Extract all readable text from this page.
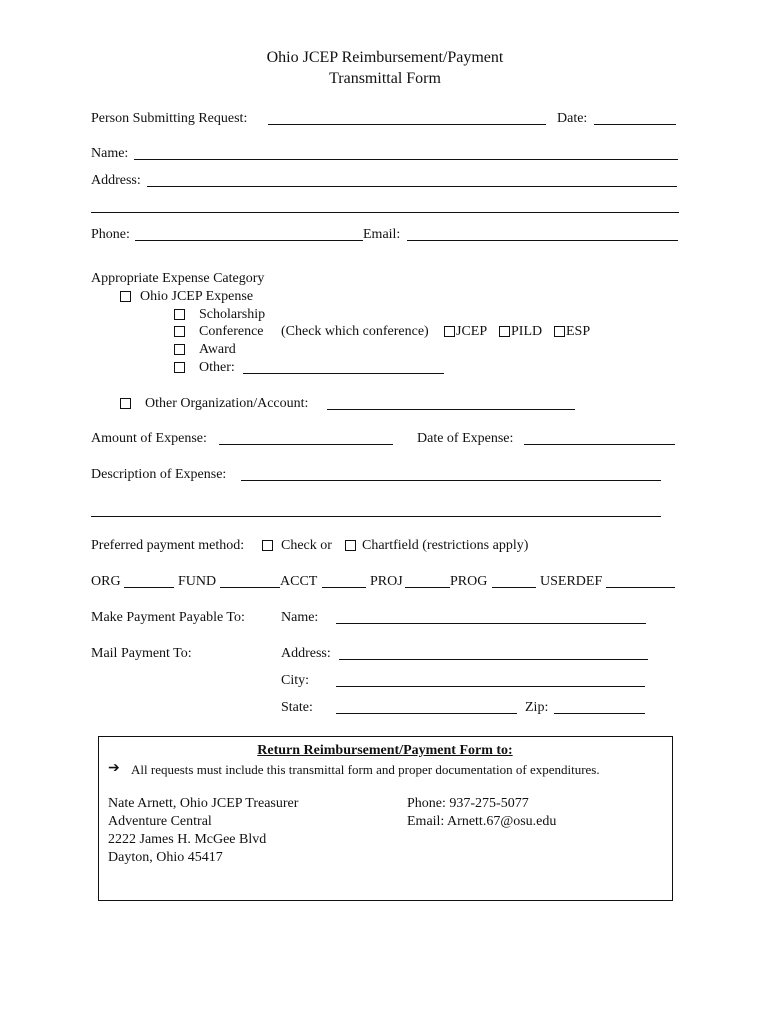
Ohio JCEP Reimbursement/Payment
Transmittal Form
Person Submitting Request:	Date:
Name:
Address:
Phone:	Email:
Appropriate Expense Category
Ohio JCEP Expense
Scholarship
Conference (Check which conference) JCEP PILD ESP
Award
Other:
Other Organization/Account:
Amount of Expense:	Date of Expense:
Description of Expense:
Preferred payment method:	Check or Chartfield (restrictions apply)
ORG	FUND	ACCT	PROJ	PROG	USERDEF
Make Payment Payable To:	Name:
Mail Payment To:	Address:
City:
State:	Zip:
Return Reimbursement/Payment Form to:
➔ All requests must include this transmittal form and proper documentation of expenditures.
Nate Arnett, Ohio JCEP Treasurer
Adventure Central
2222 James H. McGee Blvd
Dayton, Ohio 45417
Phone: 937-275-5077
Email: Arnett.67@osu.edu
